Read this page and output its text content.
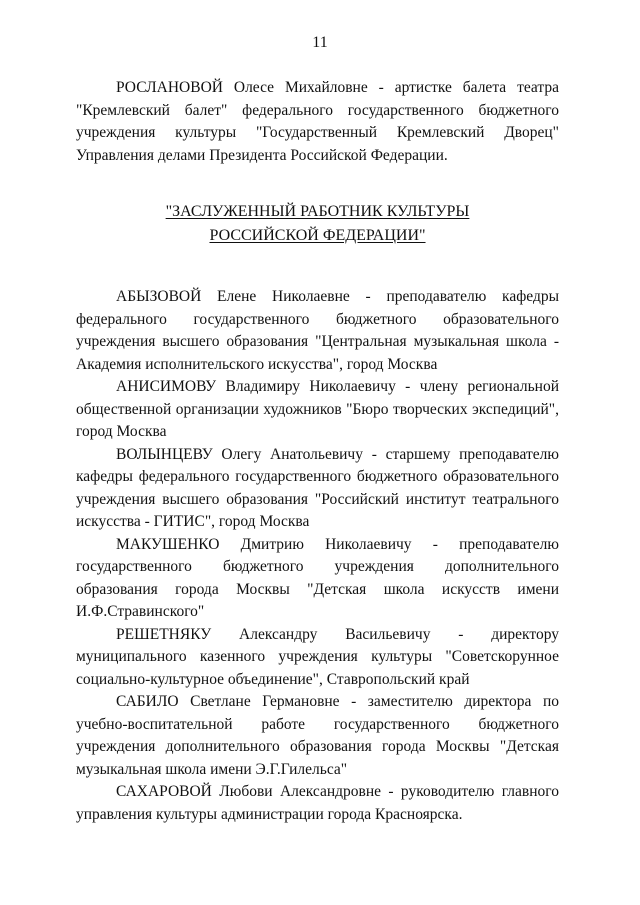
11

РОСЛАНОВОЙ Олесе Михайловне - артистке балета театра "Кремлевский балет" федерального государственного бюджетного учреждения культуры "Государственный Кремлевский Дворец" Управления делами Президента Российской Федерации.

"ЗАСЛУЖЕННЫЙ РАБОТНИК КУЛЬТУРЫ
РОССИЙСКОЙ ФЕДЕРАЦИИ"

АБЫЗОВОЙ Елене Николаевне - преподавателю кафедры федерального государственного бюджетного образовательного учреждения высшего образования "Центральная музыкальная школа - Академия исполнительского искусства", город Москва

АНИСИМОВУ Владимиру Николаевичу - члену региональной общественной организации художников "Бюро творческих экспедиций", город Москва

ВОЛЫНЦЕВУ Олегу Анатольевичу - старшему преподавателю кафедры федерального государственного бюджетного образовательного учреждения высшего образования "Российский институт театрального искусства - ГИТИС", город Москва

МАКУШЕНКО Дмитрию Николаевичу - преподавателю государственного бюджетного учреждения дополнительного образования города Москвы "Детская школа искусств имени И.Ф.Стравинского"

РЕШЕТНЯКУ Александру Васильевичу - директору муниципального казенного учреждения культуры "Советскорунное социально-культурное объединение", Ставропольский край

САБИЛО Светлане Германовне - заместителю директора по учебно-воспитательной работе государственного бюджетного учреждения дополнительного образования города Москвы "Детская музыкальная школа имени Э.Г.Гилельса"

САХАРОВОЙ Любови Александровне - руководителю главного управления культуры администрации города Красноярска.
